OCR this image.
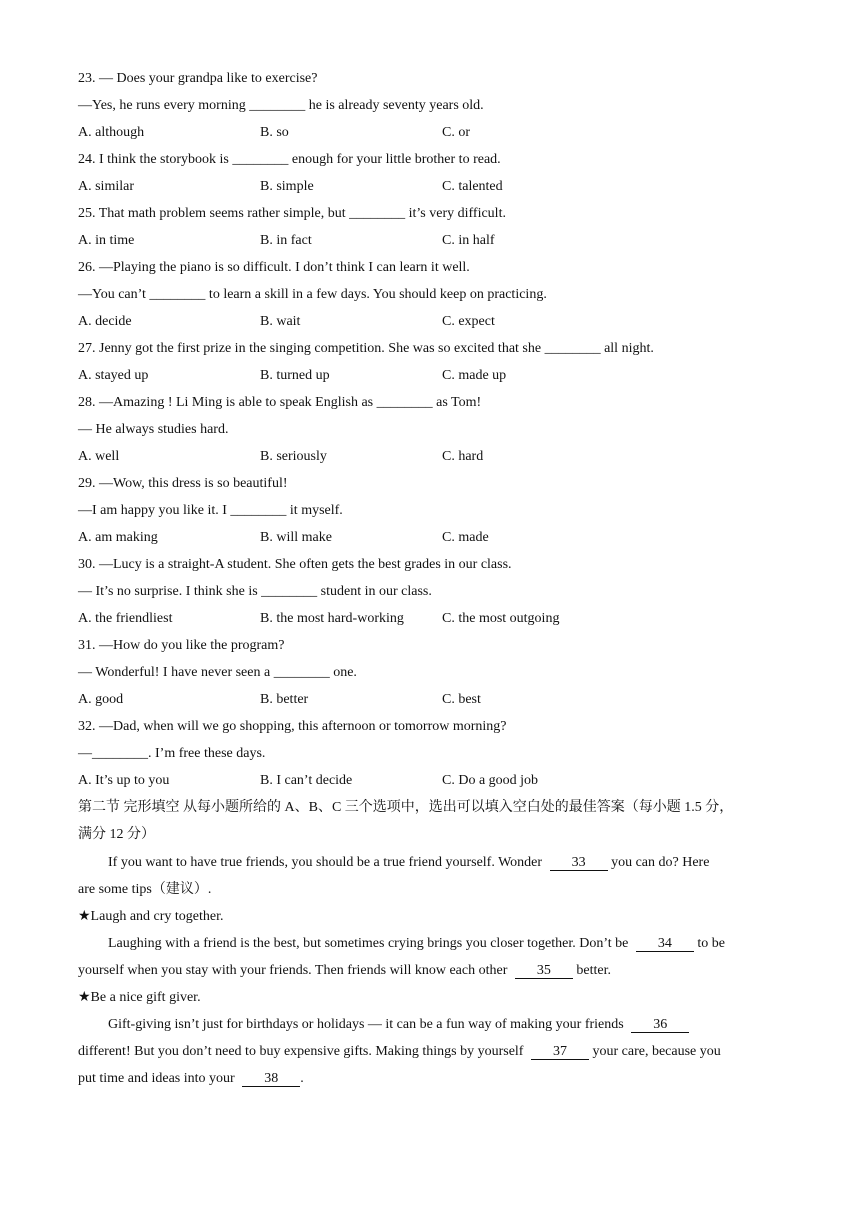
23. — Does your grandpa like to exercise?
—Yes, he runs every morning ________ he is already seventy years old.
A. although	B. so	C. or
24. I think the storybook is ________ enough for your little brother to read.
A. similar	B. simple	C. talented
25. That math problem seems rather simple, but ________ it’s very difficult.
A. in time	B. in fact	C. in half
26. —Playing the piano is so difficult. I don’t think I can learn it well.
—You can’t ________ to learn a skill in a few days. You should keep on practicing.
A. decide	B. wait	C. expect
27. Jenny got the first prize in the singing competition. She was so excited that she ________ all night.
A. stayed up	B. turned up	C. made up
28. —Amazing ! Li Ming is able to speak English as ________ as Tom!
— He always studies hard.
A. well	B. seriously	C. hard
29. —Wow, this dress is so beautiful!
—I am happy you like it. I ________ it myself.
A. am making	B. will make	C. made
30. —Lucy is a straight-A student. She often gets the best grades in our class.
— It’s no surprise. I think she is ________ student in our class.
A. the friendliest	B. the most hard-working	C. the most outgoing
31. —How do you like the program?
— Wonderful! I have never seen a ________ one.
A. good	B. better	C. best
32. —Dad, when will we go shopping, this afternoon or tomorrow morning?
—________. I’m free these days.
A. It’s up to you	B. I can’t decide	C. Do a good job
第二节 完形填空 从每小题所给的 A、B、C 三个选项中，选出可以填入空白处的最佳答案（每小题 1.5 分，
满分 12 分）
If you want to have true friends, you should be a true friend yourself. Wonder 33 you can do? Here
are some tips（建议）.
★Laugh and cry together.
Laughing with a friend is the best, but sometimes crying brings you closer together. Don’t be 34 to be
yourself when you stay with your friends. Then friends will know each other 35 better.
★Be a nice gift giver.
Gift-giving isn’t just for birthdays or holidays — it can be a fun way of making your friends 36
different! But you don’t need to buy expensive gifts. Making things by yourself 37 your care, because you
put time and ideas into your 38 .
